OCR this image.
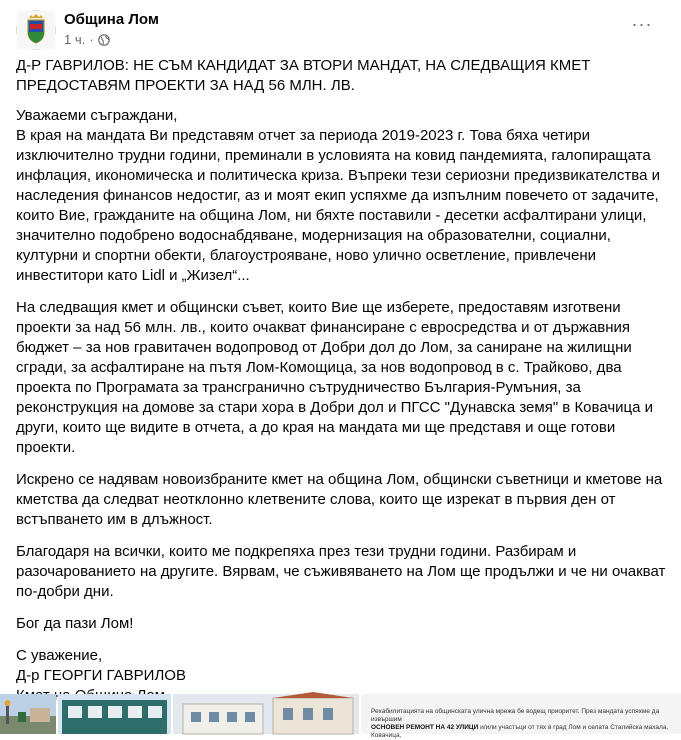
Община Лом
1 ч. ·
···

Д-Р ГАВРИЛОВ: НЕ СЪМ КАНДИДАТ ЗА ВТОРИ МАНДАТ, НА СЛЕДВАЩИЯ КМЕТ ПРЕДОСТАВЯМ ПРОЕКТИ ЗА НАД 56 МЛН. ЛВ.

Уважаеми съграждани,
В края на мандата Ви представям отчет за периода 2019-2023 г. Това бяха четири изключително трудни години, преминали в условията на ковид пандемията, галопиращата инфлация, икономическа и политическа криза. Въпреки тези сериозни предизвикателства и наследения финансов недостиг, аз и моят екип успяхме да изпълним повечето от задачите, които Вие, гражданите на община Лом, ни бяхте поставили - десетки асфалтирани улици, значително подобрено водоснабдяване, модернизация на образователни, социални, културни и спортни обекти, благоустрояване, ново улично осветление, привлечени инвеститори като Lidl и „Жизел“...

На следващия кмет и общински съвет, които Вие ще изберете, предоставям изготвени проекти за над 56 млн. лв., които очакват финансиране с евросредства и от държавния бюджет – за нов гравитачен водопровод от Добри дол до Лом, за саниране на жилищни сгради, за асфалтиране на пътя Лом-Комощица, за нов водопровод в с. Трайково, два проекта по Програмата за трансгранично сътрудничество България-Румъния, за реконструкция на домове за стари хора в Добри дол и ПГСС "Дунавска земя" в Ковачица и други, които ще видите в отчета, а до края на мандата ми ще представя и още готови проекти.

Искрено се надявам новоизбраните кмет на община Лом, общински съветници и кметове на кметства да следват неотклонно клетвените слова, които ще изрекат в първия ден от встъпването им в длъжност.

Благодаря на всички, които ме подкрепяха през тези трудни години. Разбирам и разочарованието на другите. Вярвам, че съживяването на Лом ще продължи и че ни очакват по-добри дни.

Бог да пази Лом!

С уважение,
Д-р ГЕОРГИ ГАВРИЛОВ

Рехабилитацията на общинската улична мрежа бе водещ приоритет. През мандата успяхме да извършим
ОСНОВЕН РЕМОНТ НА 42 УЛИЦИ и/или участъци от тях в град Лом и селата Сталийска махала, Ковачица,
